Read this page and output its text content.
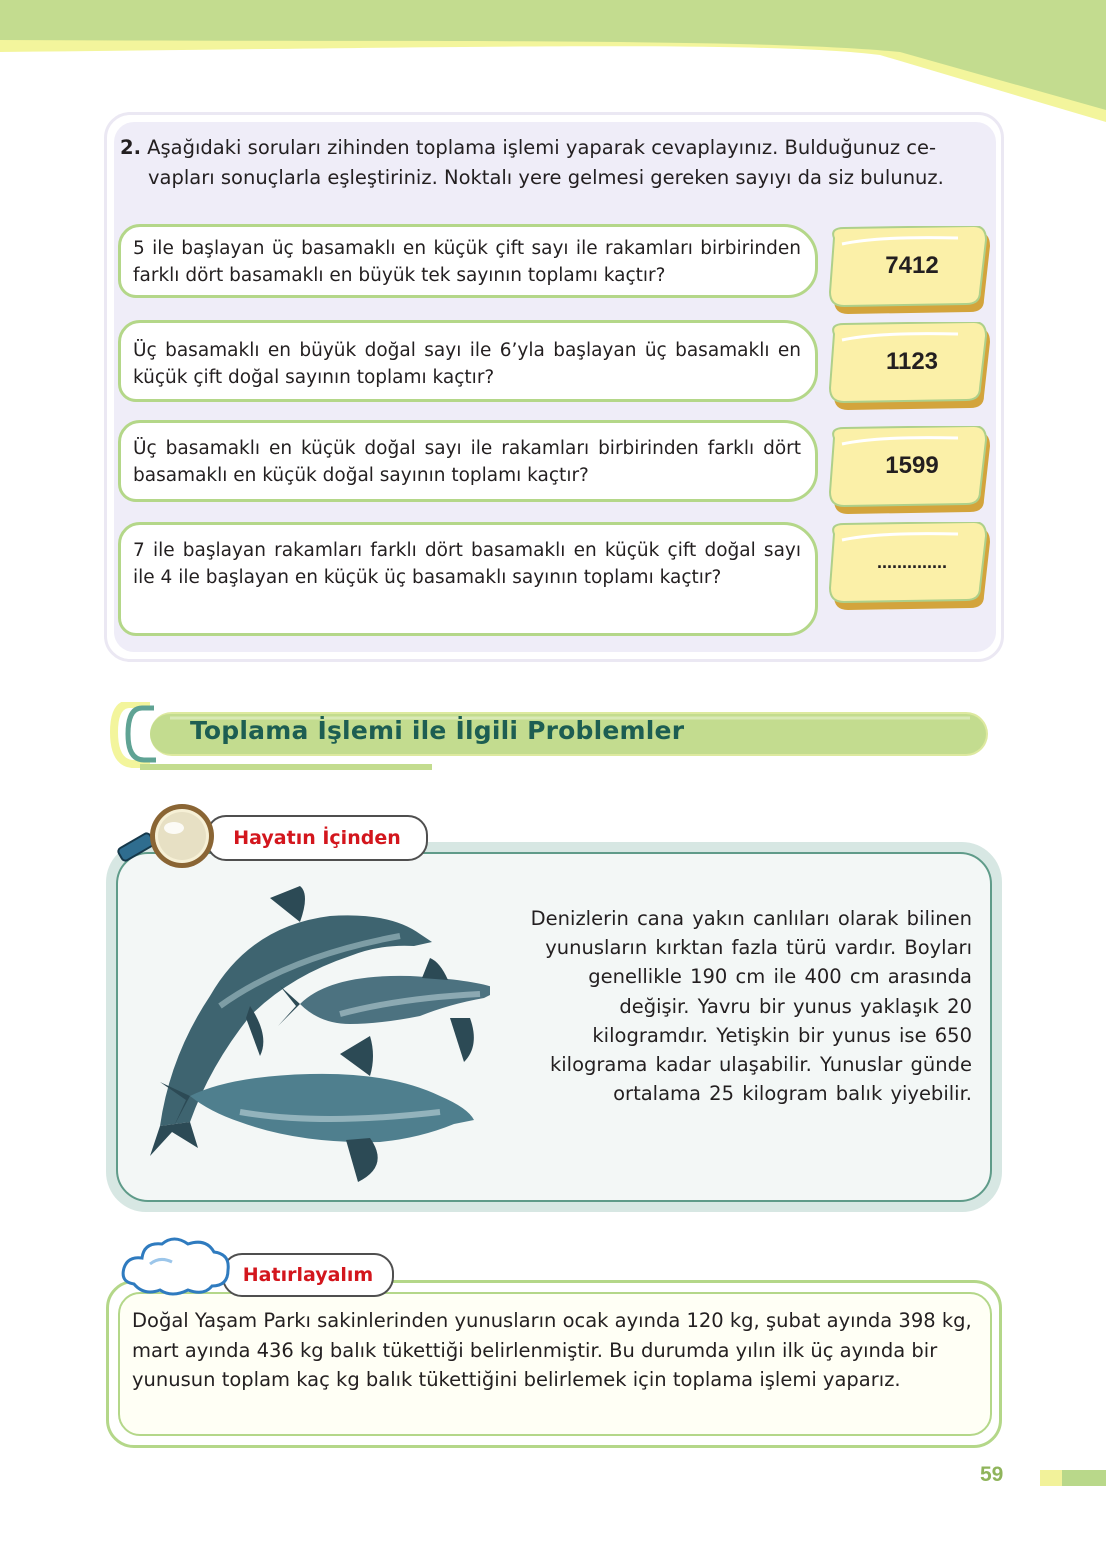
2. Aşağıdaki soruları zihinden toplama işlemi yaparak cevaplayınız. Bulduğunuz ce-
vapları sonuçlarla eşleştiriniz. Noktalı yere gelmesi gereken sayıyı da siz bulunuz.
5 ile başlayan üç basamaklı en küçük çift sayı ile rakamları birbirinden farklı dört basamaklı en büyük tek sayının toplamı kaçtır?
Üç basamaklı en büyük doğal sayı ile 6’yla başlayan üç basamaklı en küçük çift doğal sayının toplamı kaçtır?
Üç basamaklı en küçük doğal sayı ile rakamları birbirinden farklı dört basamaklı en küçük doğal sayının toplamı kaçtır?
7 ile başlayan rakamları farklı dört basamaklı en küçük çift doğal sayı ile 4 ile başlayan en küçük üç basamaklı sayının toplamı kaçtır?
7412
1123
1599
..............
Toplama İşlemi ile İlgili Problemler
Hayatın İçinden
Denizlerin cana yakın canlıları olarak bilinen yunusların kırktan fazla türü vardır. Boyları genellikle 190 cm ile 400 cm arasında değişir. Yavru bir yunus yaklaşık 20 kilogramdır. Yetişkin bir yunus ise 650 kilograma kadar ulaşabilir. Yunuslar günde ortalama 25 kilogram balık yiyebilir.
Hatırlayalım
Doğal Yaşam Parkı sakinlerinden yunusların ocak ayında 120 kg, şubat ayında 398 kg, mart ayında 436 kg balık tükettiği belirlenmiştir. Bu durumda yılın ilk üç ayında bir yunusun toplam kaç kg balık tükettiğini belirlemek için toplama işlemi yaparız.
59
